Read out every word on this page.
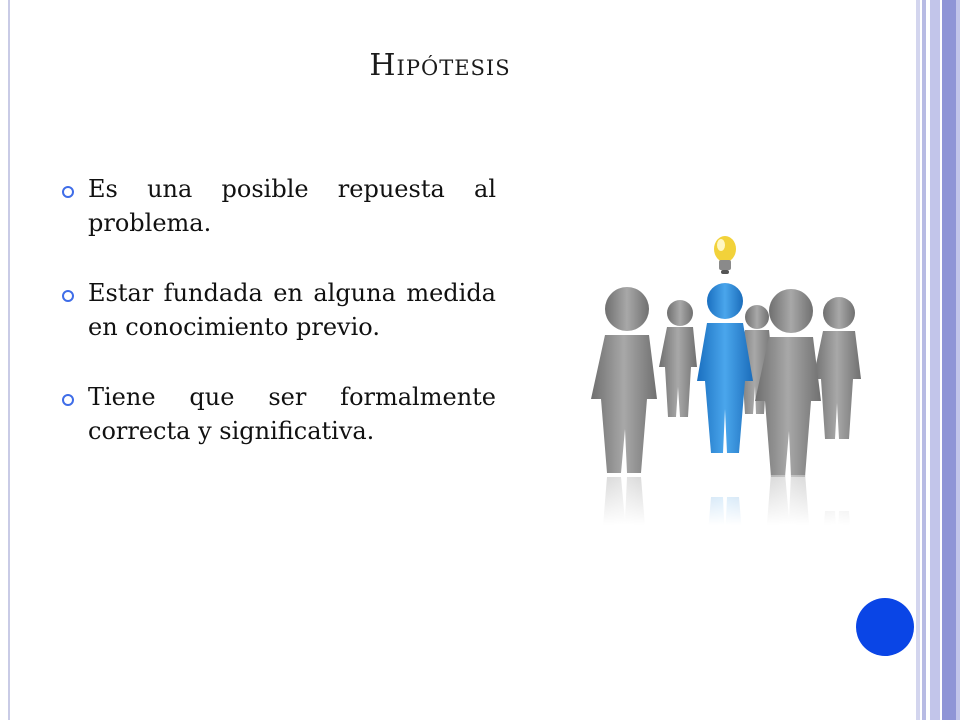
Hipótesis
Es una posible repuesta al problema.
Estar fundada en alguna medida en conocimiento previo.
Tiene que ser formalmente correcta y significativa.
